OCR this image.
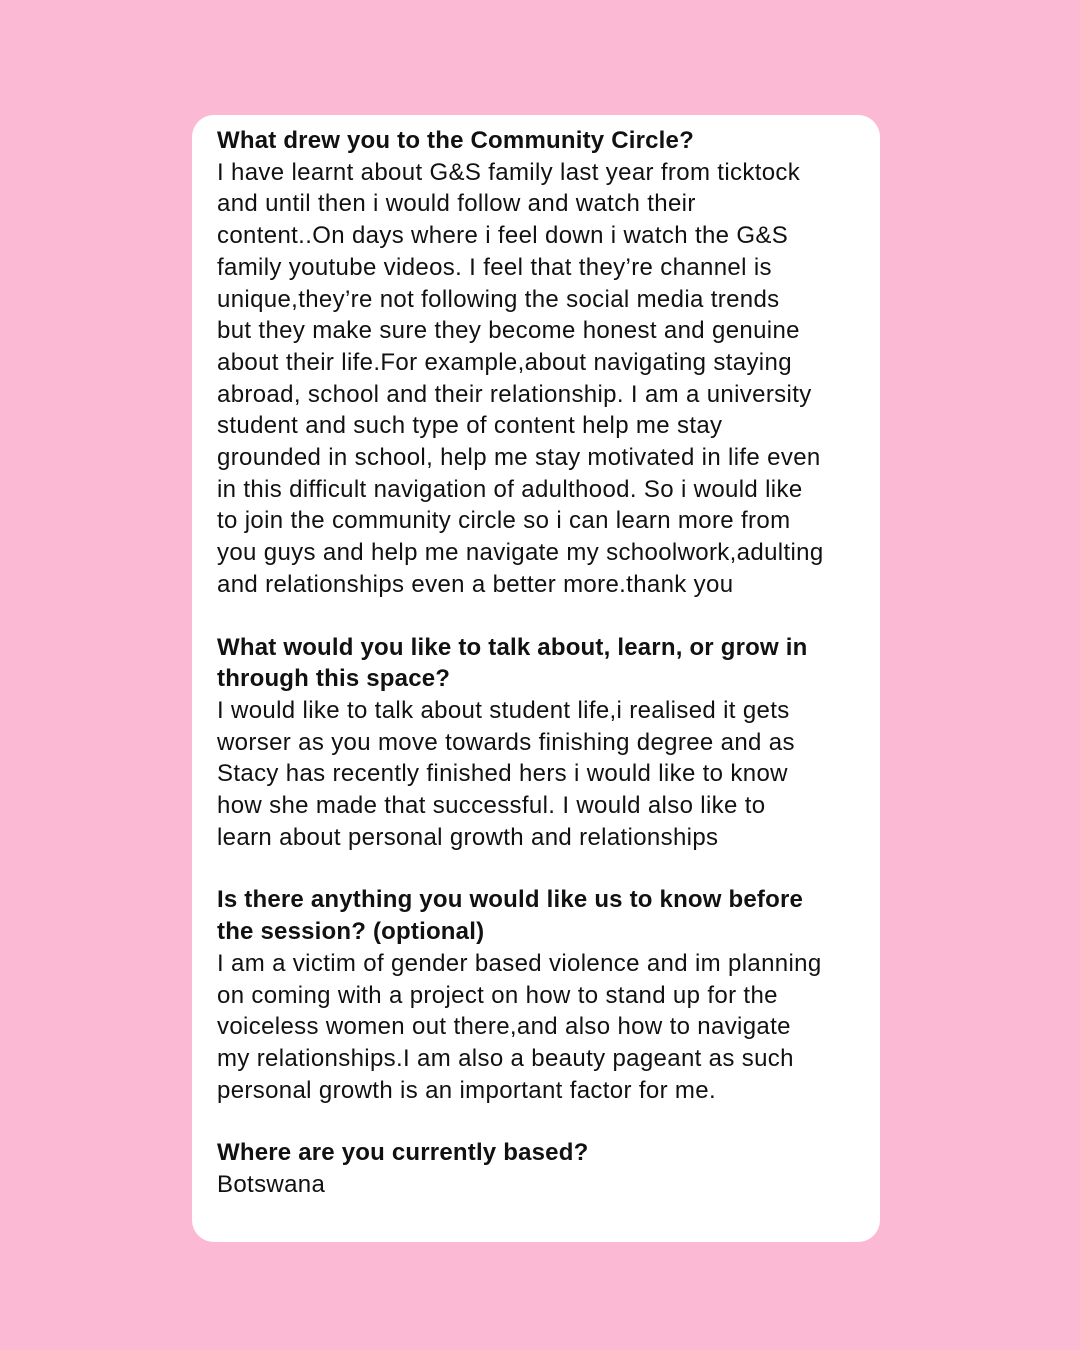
What drew you to the Community Circle?

I have learnt about G&S family last year from ticktock
and until then i would follow and watch their
content..On days where i feel down i watch the G&S
family youtube videos. I feel that they’re channel is
unique,they’re not following the social media trends
but they make sure they become honest and genuine
about their life.For example,about navigating staying
abroad, school and their relationship. I am a university
student and such type of content help me stay
grounded in school, help me stay motivated in life even
in this difficult navigation of adulthood. So i would like
to join the community circle so i can learn more from
you guys and help me navigate my schoolwork,adulting
and relationships even a better more.thank you

What would you like to talk about, learn, or grow in
through this space?

I would like to talk about student life,i realised it gets
worser as you move towards finishing degree and as
Stacy has recently finished hers i would like to know
how she made that successful. I would also like to
learn about personal growth and relationships

Is there anything you would like us to know before
the session? (optional)

I am a victim of gender based violence and im planning
on coming with a project on how to stand up for the
voiceless women out there,and also how to navigate
my relationships.I am also a beauty pageant as such
personal growth is an important factor for me.

Where are you currently based?

Botswana
